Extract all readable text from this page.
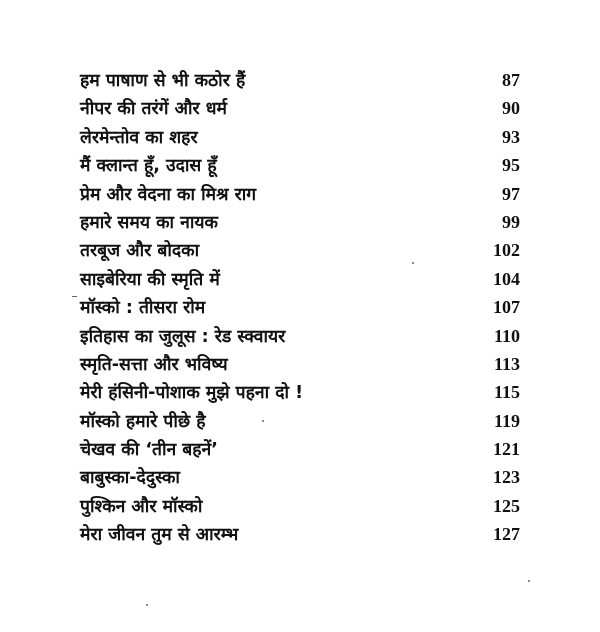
हम पाषाण से भी कठोर हैं	87
नीपर की तरंगें और धर्म	90
लेरमेन्तोव का शहर	93
मैं क्लान्त हूँ, उदास हूँ	95
प्रेम और वेदना का मिश्र राग	97
हमारे समय का नायक	99
तरबूज और बोदका	102
साइबेरिया की स्मृति में	104
मॉस्को : तीसरा रोम	107
इतिहास का जुलूस : रेड स्क्वायर	110
स्मृति-सत्ता और भविष्य	113
मेरी हंसिनी-पोशाक मुझे पहना दो !	115
मॉस्को हमारे पीछे है	119
चेखव की ‘तीन बहनें’	121
बाबुस्का-देदुस्का	123
पुश्किन और मॉस्को	125
मेरा जीवन तुम से आरम्भ	127
